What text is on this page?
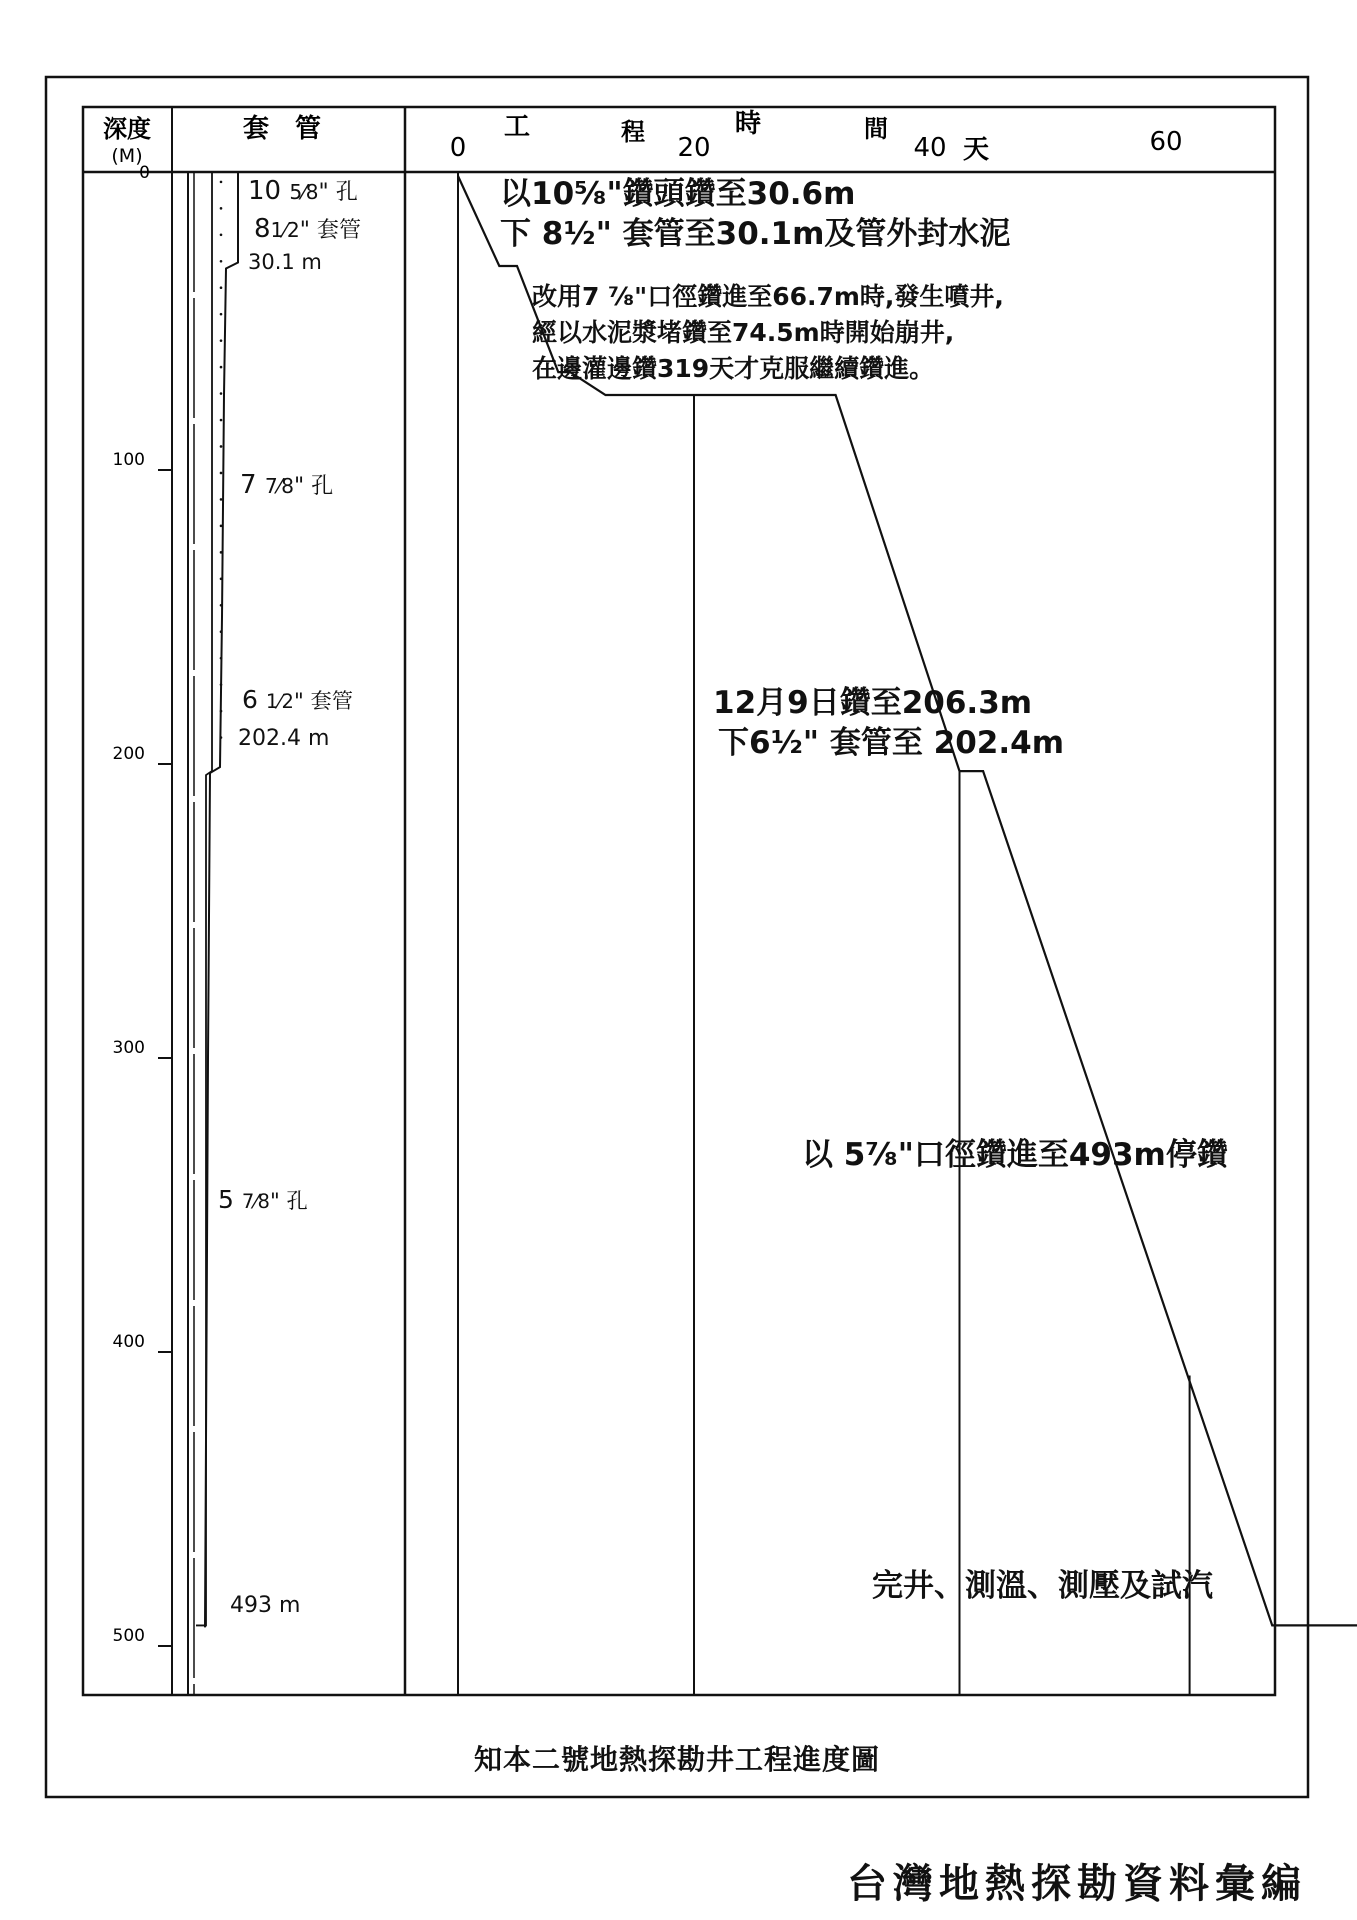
深度
(M)
套　管	工	程	時	間
天
0
100
200
300
400
500
0	20	40	60
10 5⁄8" 孔
81⁄2" 套管
30.1 m
7 7⁄8" 孔
6 1⁄2" 套管
202.4 m
5 7⁄8" 孔
493 m
以10⁵⁄₈"鑽頭鑽至30.6m
下 8¹⁄₂" 套管至30.1m及管外封水泥
改用7 ⁷⁄₈"口徑鑽進至66.7m時,發生噴井,
經以水泥漿堵鑽至74.5m時開始崩井,
在邊灌邊鑽319天才克服繼續鑽進。
12月9日鑽至206.3m
下6¹⁄₂" 套管至 202.4m
以 5⁷⁄₈"口徑鑽進至493m停鑽
完井、測溫、測壓及試汽
知本二號地熱探勘井工程進度圖
台灣地熱探勘資料彙編
